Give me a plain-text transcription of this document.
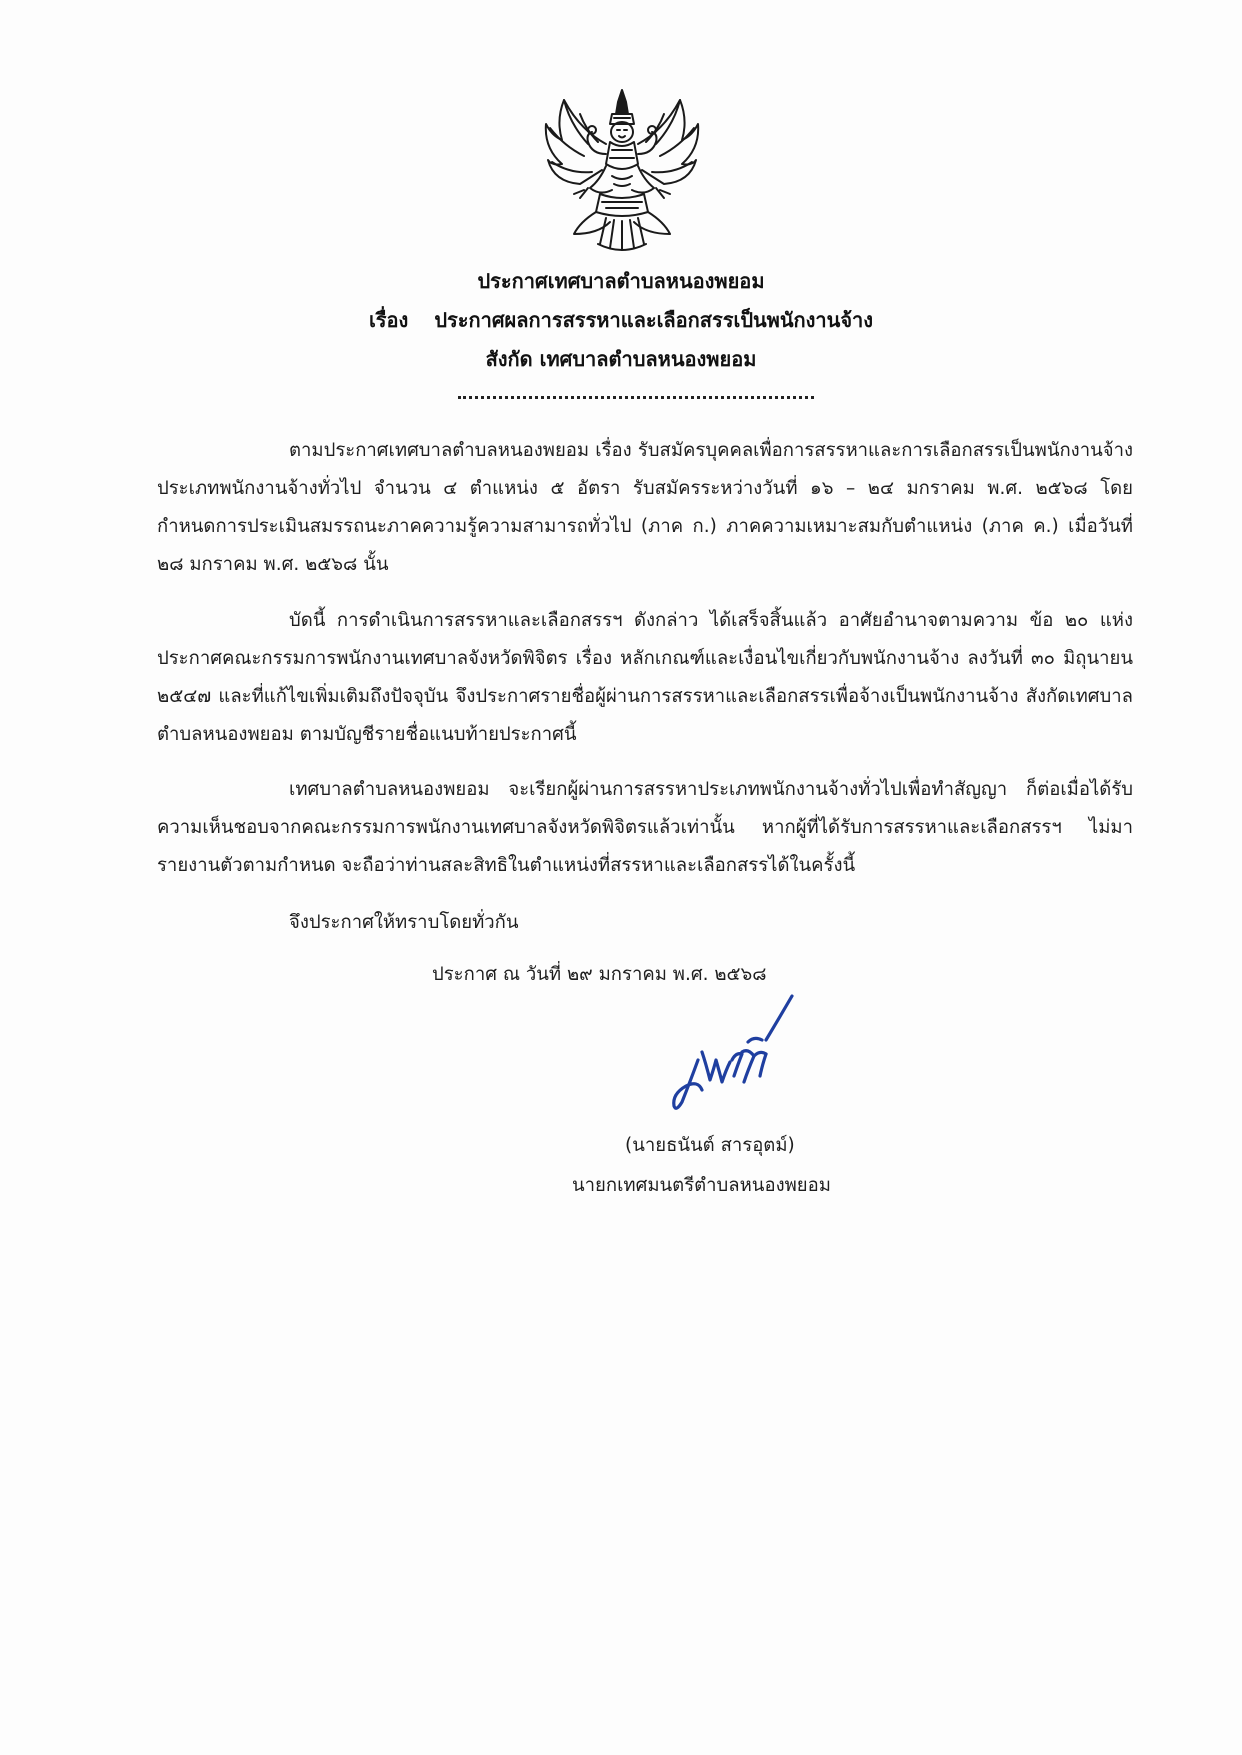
ประกาศเทศบาลตำบลหนองพยอม
เรื่อง ประกาศผลการสรรหาและเลือกสรรเป็นพนักงานจ้าง
สังกัด เทศบาลตำบลหนองพยอม

ตามประกาศเทศบาลตำบลหนองพยอม เรื่อง รับสมัครบุคคลเพื่อการสรรหาและการเลือกสรรเป็นพนักงานจ้าง ประเภทพนักงานจ้างทั่วไป จำนวน ๔ ตำแหน่ง ๕ อัตรา รับสมัครระหว่างวันที่ ๑๖ – ๒๔ มกราคม พ.ศ. ๒๕๖๘ โดยกำหนดการประเมินสมรรถนะภาคความรู้ความสามารถทั่วไป (ภาค ก.) ภาคความเหมาะสมกับตำแหน่ง (ภาค ค.) เมื่อวันที่ ๒๘ มกราคม พ.ศ. ๒๕๖๘ นั้น

บัดนี้ การดำเนินการสรรหาและเลือกสรรฯ ดังกล่าว ได้เสร็จสิ้นแล้ว อาศัยอำนาจตามความ ข้อ ๒๐ แห่งประกาศคณะกรรมการพนักงานเทศบาลจังหวัดพิจิตร เรื่อง หลักเกณฑ์และเงื่อนไขเกี่ยวกับพนักงานจ้าง ลงวันที่ ๓๐ มิถุนายน ๒๕๔๗ และที่แก้ไขเพิ่มเติมถึงปัจจุบัน จึงประกาศรายชื่อผู้ผ่านการสรรหาและเลือกสรรเพื่อจ้างเป็นพนักงานจ้าง สังกัดเทศบาลตำบลหนองพยอม ตามบัญชีรายชื่อแนบท้ายประกาศนี้

เทศบาลตำบลหนองพยอม จะเรียกผู้ผ่านการสรรหาประเภทพนักงานจ้างทั่วไปเพื่อทำสัญญา ก็ต่อเมื่อได้รับความเห็นชอบจากคณะกรรมการพนักงานเทศบาลจังหวัดพิจิตรแล้วเท่านั้น หากผู้ที่ได้รับการสรรหาและเลือกสรรฯ ไม่มารายงานตัวตามกำหนด จะถือว่าท่านสละสิทธิในตำแหน่งที่สรรหาและเลือกสรรได้ในครั้งนี้

จึงประกาศให้ทราบโดยทั่วกัน
ประกาศ ณ วันที่ ๒๙ มกราคม พ.ศ. ๒๕๖๘
(นายธนันต์ สารอุตม์)
นายกเทศมนตรีตำบลหนองพยอม
